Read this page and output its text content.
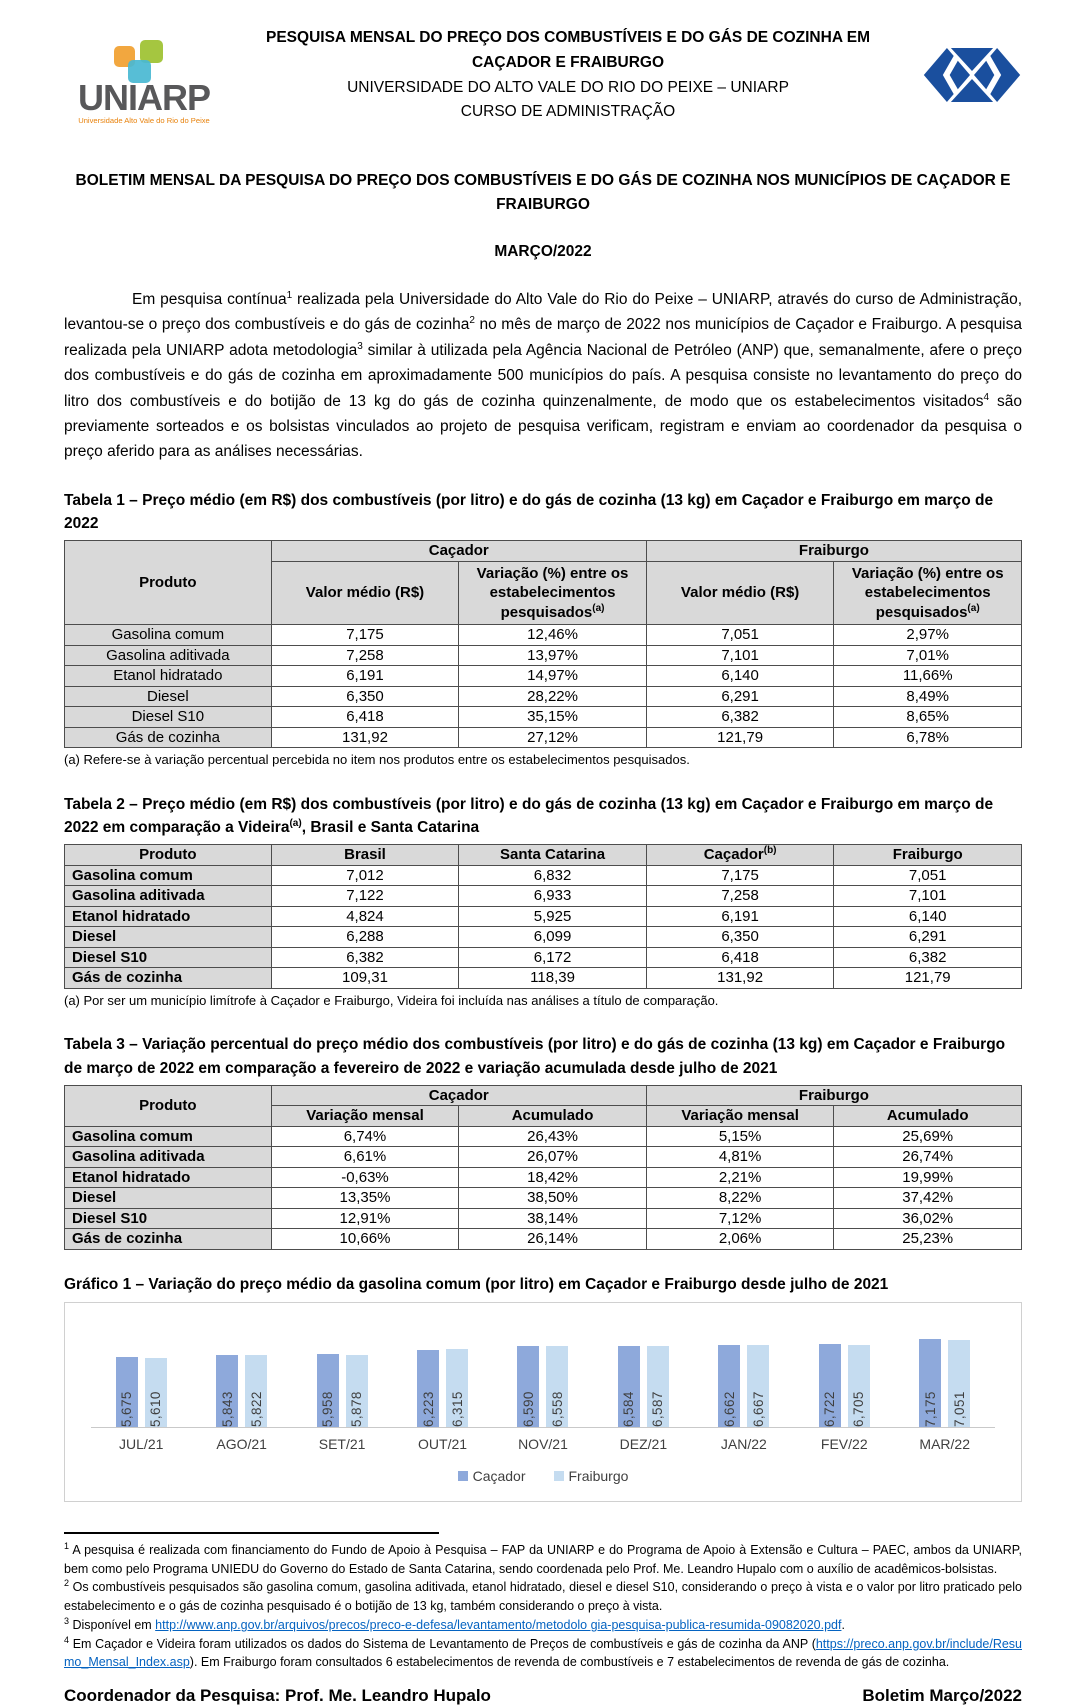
UNIARP
Universidade Alto Vale do Rio do Peixe
PESQUISA MENSAL DO PREÇO DOS COMBUSTÍVEIS E DO GÁS DE COZINHA EM CAÇADOR E FRAIBURGO
UNIVERSIDADE DO ALTO VALE DO RIO DO PEIXE – UNIARP
CURSO DE ADMINISTRAÇÃO
BOLETIM MENSAL DA PESQUISA DO PREÇO DOS COMBUSTÍVEIS E DO GÁS DE COZINHA NOS MUNICÍPIOS DE CAÇADOR E FRAIBURGO
MARÇO/2022
Em pesquisa contínua$^1$ realizada pela Universidade do Alto Vale do Rio do Peixe – UNIARP, através do curso de Administração, levantou-se o preço dos combustíveis e do gás de cozinha$^2$ no mês de março de 2022 nos municípios de Caçador e Fraiburgo. A pesquisa realizada pela UNIARP adota metodologia$^3$ similar à utilizada pela Agência Nacional de Petróleo (ANP) que, semanalmente, afere o preço dos combustíveis e do gás de cozinha em aproximadamente 500 municípios do país. A pesquisa consiste no levantamento do preço do litro dos combustíveis e do botijão de 13 kg do gás de cozinha quinzenalmente, de modo que os estabelecimentos visitados$^4$ são previamente sorteados e os bolsistas vinculados ao projeto de pesquisa verificam, registram e enviam ao coordenador da pesquisa o preço aferido para as análises necessárias.
Tabela 1 – Preço médio (em R$) dos combustíveis (por litro) e do gás de cozinha (13 kg) em Caçador e Fraiburgo em março de 2022
Produto	Caçador		Fraiburgo	
	Valor médio (R$)	Variação (%) entre os estabelecimentos pesquisados$^{(a)}$	Valor médio (R$)	Variação (%) entre os estabelecimentos pesquisados$^{(a)}$
Gasolina comum	7,175	12,46%	7,051	2,97%
Gasolina aditivada	7,258	13,97%	7,101	7,01%
Etanol hidratado	6,191	14,97%	6,140	11,66%
Diesel	6,350	28,22%	6,291	8,49%
Diesel S10	6,418	35,15%	6,382	8,65%
Gás de cozinha	131,92	27,12%	121,79	6,78%
(a) Refere-se à variação percentual percebida no item nos produtos entre os estabelecimentos pesquisados.
Tabela 2 – Preço médio (em R$) dos combustíveis (por litro) e do gás de cozinha (13 kg) em Caçador e Fraiburgo em março de 2022 em comparação a Videira$^{(a)}$, Brasil e Santa Catarina
Produto	Brasil	Santa Catarina	Caçador$^{(b)}$	Fraiburgo
Gasolina comum	7,012	6,832	7,175	7,051
Gasolina aditivada	7,122	6,933	7,258	7,101
Etanol hidratado	4,824	5,925	6,191	6,140
Diesel	6,288	6,099	6,350	6,291
Diesel S10	6,382	6,172	6,418	6,382
Gás de cozinha	109,31	118,39	131,92	121,79
(a) Por ser um município limítrofe à Caçador e Fraiburgo, Videira foi incluída nas análises a título de comparação.
Tabela 3 – Variação percentual do preço médio dos combustíveis (por litro) e do gás de cozinha (13 kg) em Caçador e Fraiburgo de março de 2022 em comparação a fevereiro de 2022 e variação acumulada desde julho de 2021
Produto	Caçador		Fraiburgo	
	Variação mensal	Acumulado	Variação mensal	Acumulado
Gasolina comum	6,74%	26,43%	5,15%	25,69%
Gasolina aditivada	6,61%	26,07%	4,81%	26,74%
Etanol hidratado	-0,63%	18,42%	2,21%	19,99%
Diesel	13,35%	38,50%	8,22%	37,42%
Diesel S10	12,91%	38,14%	7,12%	36,02%
Gás de cozinha	10,66%	26,14%	2,06%	25,23%
Gráfico 1 – Variação do preço médio da gasolina comum (por litro) em Caçador e Fraiburgo desde julho de 2021
5,675 5,610	5,843 5,822	5,958 5,878	6,223 6,315	6,590 6,558	6,584 6,587	6,662 6,667	6,722 6,705	7,175 7,051
JUL/21	AGO/21	SET/21	OUT/21	NOV/21	DEZ/21	JAN/22	FEV/22	MAR/22
Caçador	Fraiburgo
$^1$ A pesquisa é realizada com financiamento do Fundo de Apoio à Pesquisa – FAP da UNIARP e do Programa de Apoio à Extensão e Cultura – PAEC, ambos da UNIARP, bem como pelo Programa UNIEDU do Governo do Estado de Santa Catarina, sendo coordenada pelo Prof. Me. Leandro Hupalo com o auxílio de acadêmicos-bolsistas.
$^2$ Os combustíveis pesquisados são gasolina comum, gasolina aditivada, etanol hidratado, diesel e diesel S10, considerando o preço à vista e o valor por litro praticado pelo estabelecimento e o gás de cozinha pesquisado é o botijão de 13 kg, também considerando o preço à vista.
$^3$ Disponível em http://www.anp.gov.br/arquivos/precos/preco-e-defesa/levantamento/metodolo gia-pesquisa-publica-resumida-09082020.pdf.
$^4$ Em Caçador e Videira foram utilizados os dados do Sistema de Levantamento de Preços de combustíveis e gás de cozinha da ANP (https://preco.anp.gov.br/include/Resumo_Mensal_Index.asp). Em Fraiburgo foram consultados 6 estabelecimentos de revenda de combustíveis e 7 estabelecimentos de revenda de gás de cozinha.
Coordenador da Pesquisa: Prof. Me. Leandro Hupalo	Boletim Março/2022
